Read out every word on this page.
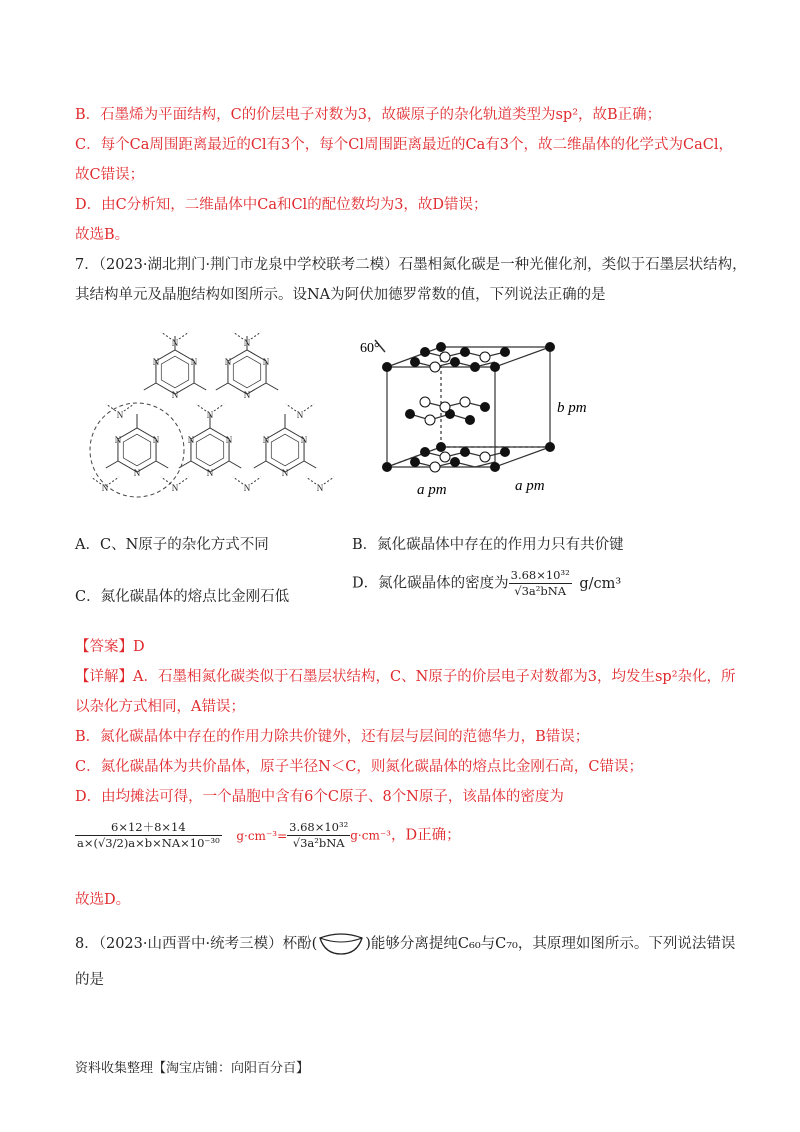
B．石墨烯为平面结构，C的价层电子对数为3，故碳原子的杂化轨道类型为sp²，故B正确；
C．每个Ca周围距离最近的Cl有3个，每个Cl周围距离最近的Ca有3个，故二维晶体的化学式为CaCl，
故C错误；
D．由C分析知，二维晶体中Ca和Cl的配位数均为3，故D错误；
故选B。
7．（2023·湖北荆门·荆门市龙泉中学校联考二模）石墨相氮化碳是一种光催化剂，类似于石墨层状结构，
其结构单元及晶胞结构如图所示。设NA为阿伏加德罗常数的值，下列说法正确的是
N
N	N
N
N	N
N
N	N
N
N	N
N
N	N
N	N
N
N	N
N	N	N	N
60°
b pm
a pm	a pm
A．C、N原子的杂化方式不同	B．氮化碳晶体中存在的作用力只有共价键
C．氮化碳晶体的熔点比金刚石低
D．氮化碳晶体的密度为 $\frac{\text{3.68×10³²}}{\text{√3a²bNA}} g/cm^3$
【答案】D
【详解】A．石墨相氮化碳类似于石墨层状结构，C、N原子的价层电子对数都为3，均发生sp²杂化，所
以杂化方式相同，A错误；
B．氮化碳晶体中存在的作用力除共价键外，还有层与层间的范德华力，B错误；
C．氮化碳晶体为共价晶体，原子半径N＜C，则氮化碳晶体的熔点比金刚石高，C错误；
D．由均摊法可得，一个晶胞中含有6个C原子、8个N原子，该晶体的密度为
$\frac{6\times 12+8\times 14}{\text{a×(√3/2)a×b×NA×10⁻³⁰}} g\cdot cm^{-3}= \frac{\text{3.68×10³²}}{\text{√3a²bNA}} g\cdot cm^{-3}$，D正确；
故选D。
8．（2023·山西晋中·统考三模）杯酚(	)能够分离提纯C₆₀与C₇₀，其原理如图所示。下列说法错误
的是
资料收集整理【淘宝店铺：向阳百分百】
